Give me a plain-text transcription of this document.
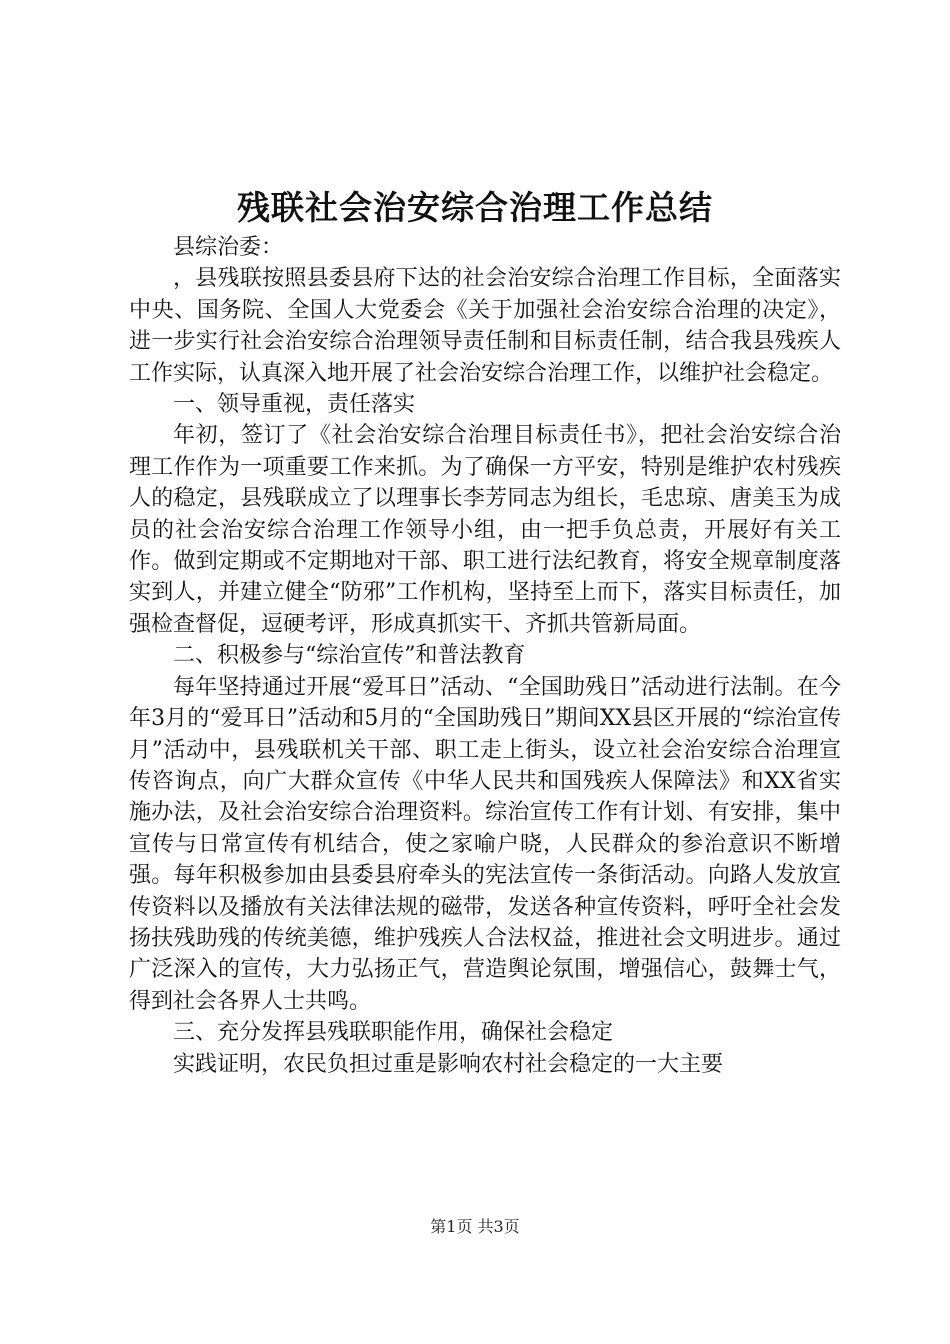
残联社会治安综合治理工作总结

县综治委：

，县残联按照县委县府下达的社会治安综合治理工作目标，全面落实中央、国务院、全国人大党委会《关于加强社会治安综合治理的决定》，进一步实行社会治安综合治理领导责任制和目标责任制，结合我县残疾人工作实际，认真深入地开展了社会治安综合治理工作，以维护社会稳定。

一、领导重视，责任落实

年初，签订了《社会治安综合治理目标责任书》，把社会治安综合治理工作作为一项重要工作来抓。为了确保一方平安，特别是维护农村残疾人的稳定，县残联成立了以理事长李芳同志为组长，毛忠琼、唐美玉为成员的社会治安综合治理工作领导小组，由一把手负总责，开展好有关工作。做到定期或不定期地对干部、职工进行法纪教育，将安全规章制度落实到人，并建立健全“防邪”工作机构，坚持至上而下，落实目标责任，加强检查督促，逗硬考评，形成真抓实干、齐抓共管新局面。

二、积极参与“综治宣传”和普法教育

每年坚持通过开展“爱耳日”活动、“全国助残日”活动进行法制。在今年3月的“爱耳日”活动和5月的“全国助残日”期间XX县区开展的“综治宣传月”活动中，县残联机关干部、职工走上街头，设立社会治安综合治理宣传咨询点，向广大群众宣传《中华人民共和国残疾人保障法》和XX省实施办法，及社会治安综合治理资料。综治宣传工作有计划、有安排，集中宣传与日常宣传有机结合，使之家喻户晓，人民群众的参治意识不断增强。每年积极参加由县委县府牵头的宪法宣传一条街活动。向路人发放宣传资料以及播放有关法律法规的磁带，发送各种宣传资料，呼吁全社会发扬扶残助残的传统美德，维护残疾人合法权益，推进社会文明进步。通过广泛深入的宣传，大力弘扬正气，营造舆论氛围，增强信心，鼓舞士气，得到社会各界人士共鸣。

三、充分发挥县残联职能作用，确保社会稳定

实践证明，农民负担过重是影响农村社会稳定的一大主要

第1页 共3页
